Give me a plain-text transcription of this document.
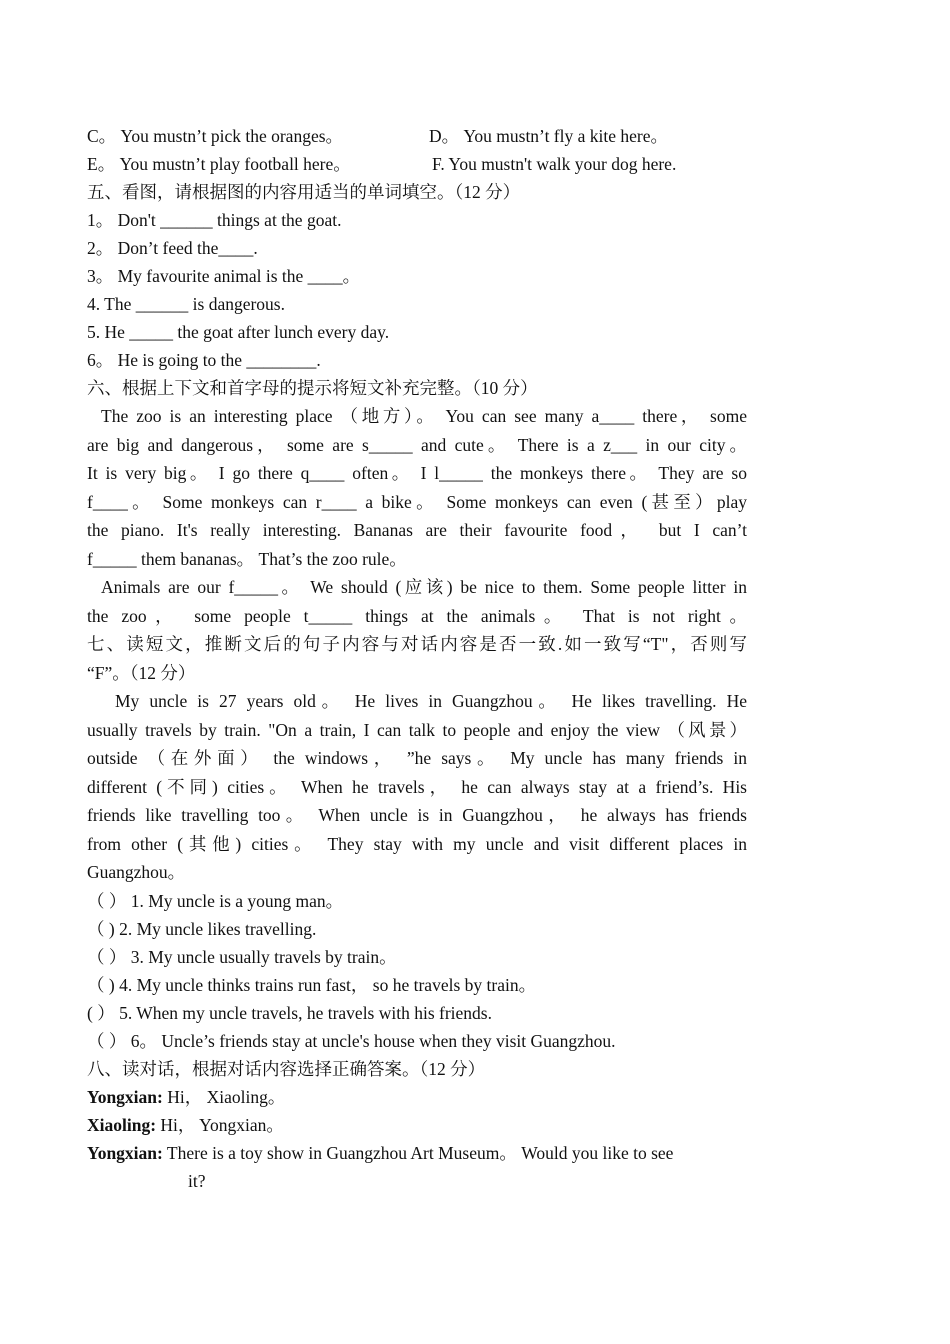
C。 You mustn’t pick the oranges。	D。 You mustn’t fly a kite here。
E。 You mustn’t play football here。	F. You mustn't walk your dog here.
五、看图，请根据图的内容用适当的单词填空。（12 分）
1。 Don't ______ things at the goat.
2。 Don’t feed the____.
3。 My favourite animal is the ____。
4. The ______ is dangerous.
5. He _____ the goat after lunch every day.
6。 He is going to the ________.
六、根据上下文和首字母的提示将短文补充完整。（10 分）
The zoo is an interesting place （地方）。 You can see many a____ there， some
are big and dangerous， some are s_____ and cute。 There is a z___ in our city。
It is very big。 I go there q____ often。 I l_____ the monkeys there。 They are so
f____。 Some monkeys can r____ a bike。 Some monkeys can even (甚至）play
the piano. It's really interesting. Bananas are their favourite food， but I can’t
f_____ them bananas。 That’s the zoo rule。
Animals are our f_____。 We should (应该) be nice to them. Some people litter in
the zoo， some people t_____ things at the animals。 That is not right。
七、读短文，推断文后的句子内容与对话内容是否一致.如一致写“T"，否则写
“F”。（12 分）
My uncle is 27 years old。 He lives in Guangzhou。 He likes travelling. He
usually travels by train. "On a train, I can talk to people and enjoy the view （风景）
outside （在外面） the windows， ”he says。 My uncle has many friends in
different (不同) cities。 When he travels， he can always stay at a friend’s. His
friends like travelling too。 When uncle is in Guangzhou， he always has friends
from other (其他) cities。 They stay with my uncle and visit different places in
Guangzhou。
（ ） 1. My uncle is a young man。
（ ) 2. My uncle likes travelling.
（ ） 3. My uncle usually travels by train。
（ ) 4. My uncle thinks trains run fast， so he travels by train。
( ） 5. When my uncle travels, he travels with his friends.
（ ） 6。 Uncle’s friends stay at uncle's house when they visit Guangzhou.
八、读对话，根据对话内容选择正确答案。（12 分）
Yongxian: Hi， Xiaoling。
Xiaoling: Hi， Yongxian。
Yongxian: There is a toy show in Guangzhou Art Museum。 Would you like to see
it?
